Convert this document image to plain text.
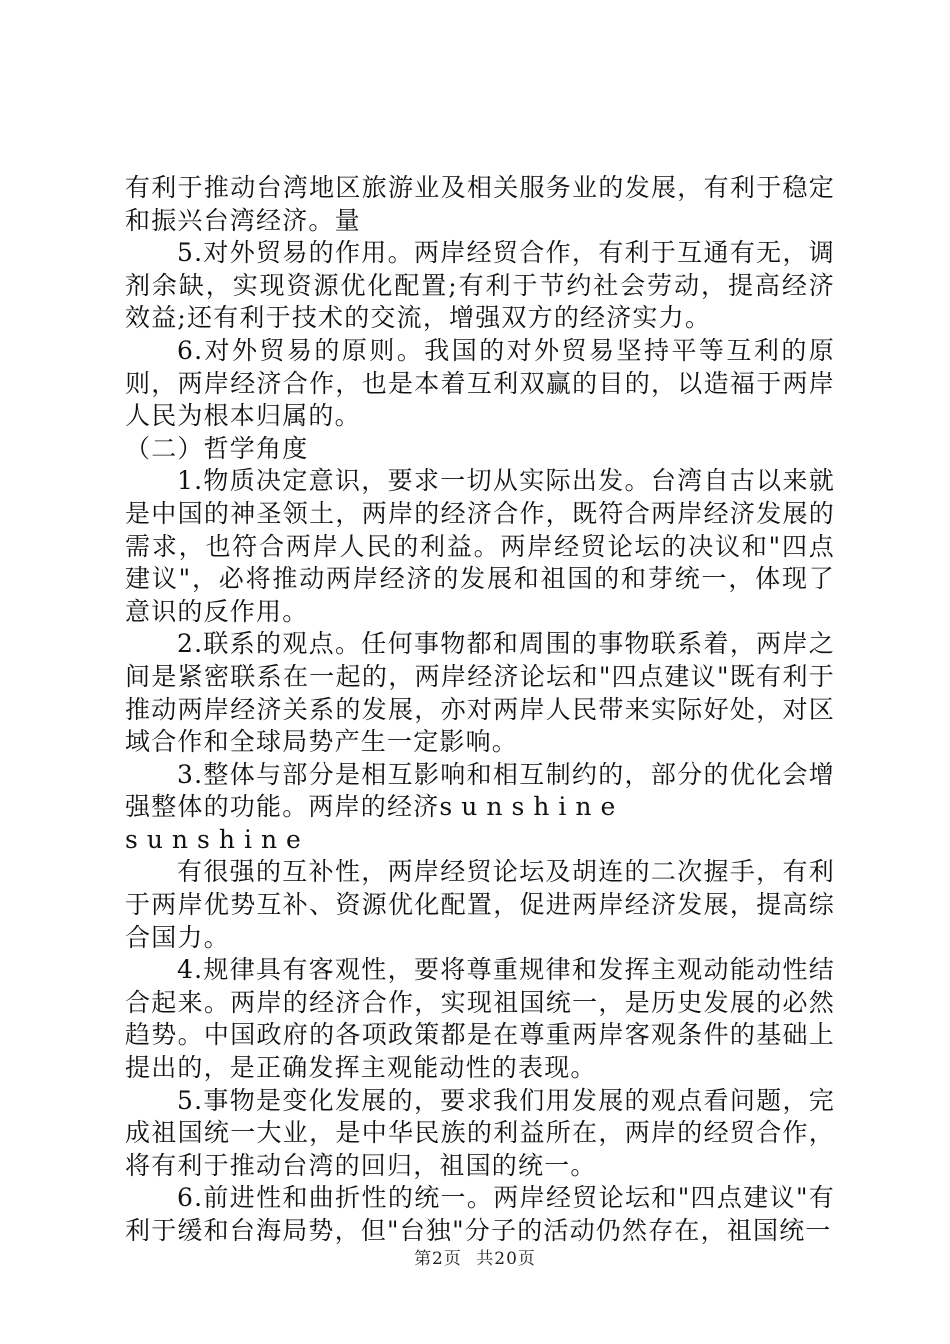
有利于推动台湾地区旅游业及相关服务业的发展，有利于稳定和振兴台湾经济。量

5.对外贸易的作用。两岸经贸合作，有利于互通有无，调剂余缺，实现资源优化配置;有利于节约社会劳动，提高经济效益;还有利于技术的交流，增强双方的经济实力。

6.对外贸易的原则。我国的对外贸易坚持平等互利的原则，两岸经济合作，也是本着互利双赢的目的，以造福于两岸人民为根本归属的。

（二）哲学角度

1.物质决定意识，要求一切从实际出发。台湾自古以来就是中国的神圣领土，两岸的经济合作，既符合两岸经济发展的需求，也符合两岸人民的利益。两岸经贸论坛的决议和"四点建议"，必将推动两岸经济的发展和祖国的和芽统一，体现了意识的反作用。

2.联系的观点。任何事物都和周围的事物联系着，两岸之间是紧密联系在一起的，两岸经济论坛和"四点建议"既有利于推动两岸经济关系的发展，亦对两岸人民带来实际好处，对区域合作和全球局势产生一定影响。

3.整体与部分是相互影响和相互制约的，部分的优化会增强整体的功能。两岸的经济sunshine

sunshine

有很强的互补性，两岸经贸论坛及胡连的二次握手，有利于两岸优势互补、资源优化配置，促进两岸经济发展，提高综合国力。

4.规律具有客观性，要将尊重规律和发挥主观动能动性结合起来。两岸的经济合作，实现祖国统一，是历史发展的必然趋势。中国政府的各项政策都是在尊重两岸客观条件的基础上提出的，是正确发挥主观能动性的表现。

5.事物是变化发展的，要求我们用发展的观点看问题，完成祖国统一大业，是中华民族的利益所在，两岸的经贸合作，将有利于推动台湾的回归，祖国的统一。

6.前进性和曲折性的统一。两岸经贸论坛和"四点建议"有利于缓和台海局势，但"台独"分子的活动仍然存在，祖国统一

第2页 共20页
